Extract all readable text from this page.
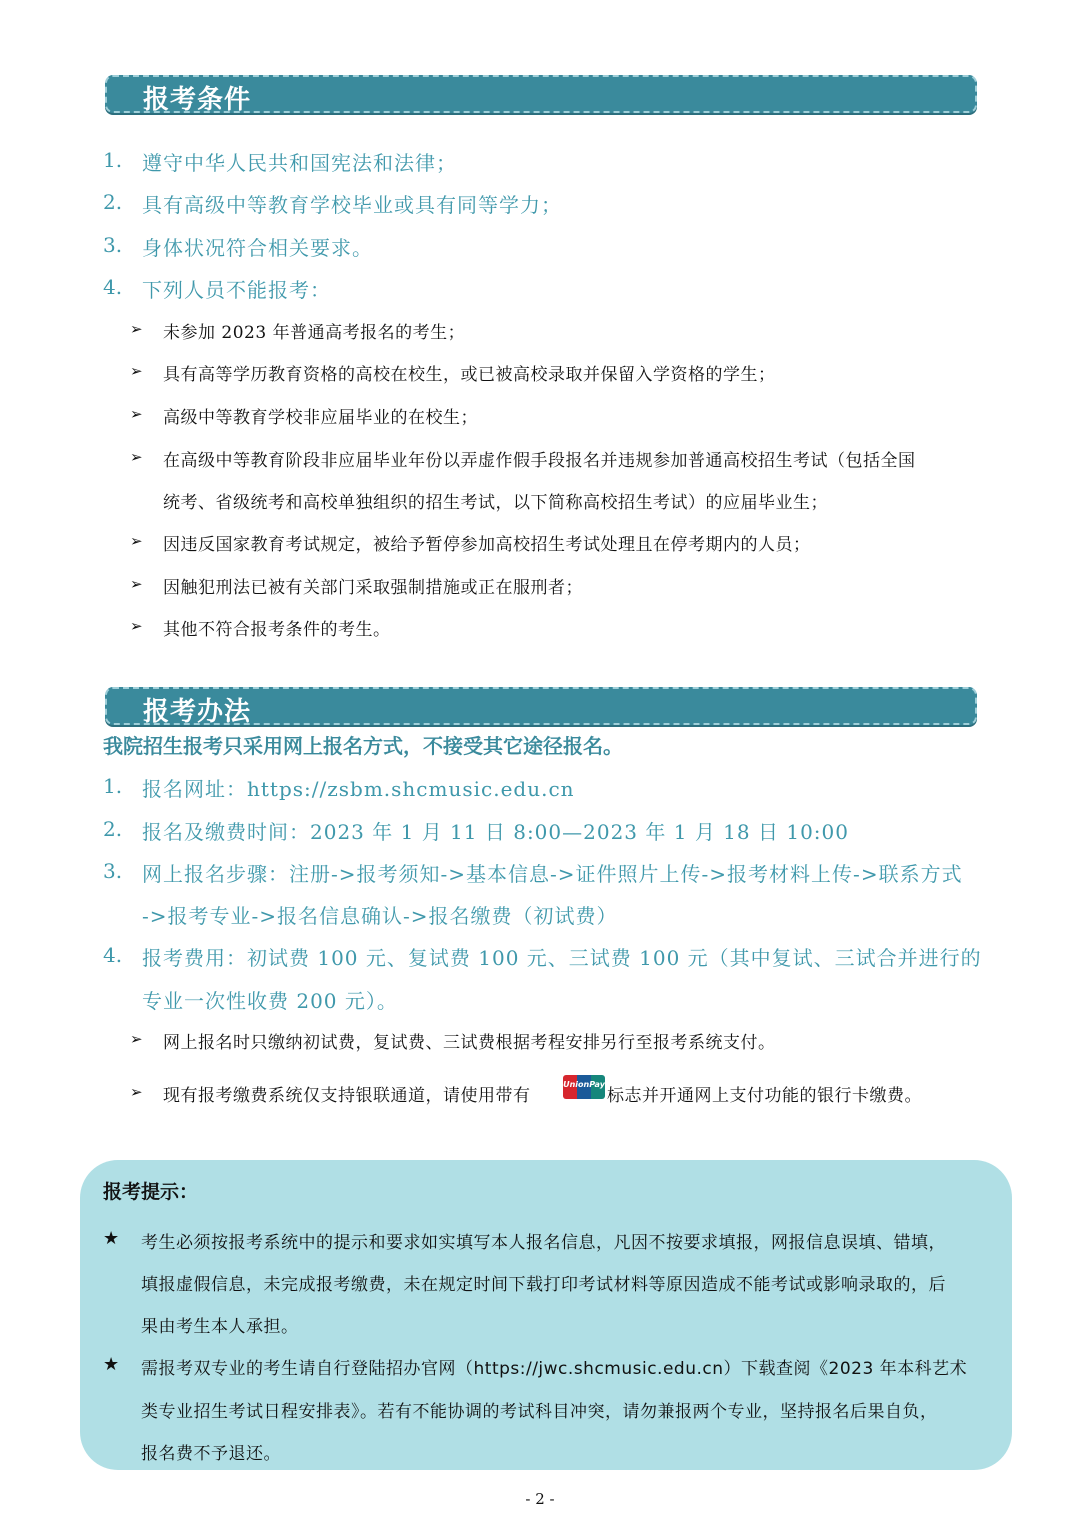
报考条件
1. 遵守中华人民共和国宪法和法律；
2. 具有高级中等教育学校毕业或具有同等学力；
3. 身体状况符合相关要求。
4. 下列人员不能报考：
➢ 未参加 2023 年普通高考报名的考生；
➢ 具有高等学历教育资格的高校在校生，或已被高校录取并保留入学资格的学生；
➢ 高级中等教育学校非应届毕业的在校生；
➢ 在高级中等教育阶段非应届毕业年份以弄虚作假手段报名并违规参加普通高校招生考试（包括全国
统考、省级统考和高校单独组织的招生考试，以下简称高校招生考试）的应届毕业生；
➢ 因违反国家教育考试规定，被给予暂停参加高校招生考试处理且在停考期内的人员；
➢ 因触犯刑法已被有关部门采取强制措施或正在服刑者；
➢ 其他不符合报考条件的考生。
报考办法
我院招生报考只采用网上报名方式，不接受其它途径报名。
1. 报名网址：https://zsbm.shcmusic.edu.cn
2. 报名及缴费时间：2023 年 1 月 11 日 8:00—2023 年 1 月 18 日 10:00
3. 网上报名步骤：注册->报考须知->基本信息->证件照片上传->报考材料上传->联系方式
->报考专业->报名信息确认->报名缴费（初试费）
4. 报考费用：初试费 100 元、复试费 100 元、三试费 100 元（其中复试、三试合并进行的
专业一次性收费 200 元）。
➢ 网上报名时只缴纳初试费，复试费、三试费根据考程安排另行至报考系统支付。
➢ 现有报考缴费系统仅支持银联通道，请使用带有
UnionPay
标志并开通网上支付功能的银行卡缴费。
报考提示：
★ 考生必须按报考系统中的提示和要求如实填写本人报名信息，凡因不按要求填报，网报信息误填、错填，
填报虚假信息，未完成报考缴费，未在规定时间下载打印考试材料等原因造成不能考试或影响录取的，后
果由考生本人承担。
★ 需报考双专业的考生请自行登陆招办官网（https://jwc.shcmusic.edu.cn）下载查阅《2023 年本科艺术
类专业招生考试日程安排表》。若有不能协调的考试科目冲突，请勿兼报两个专业，坚持报名后果自负，
报名费不予退还。
- 2 -
